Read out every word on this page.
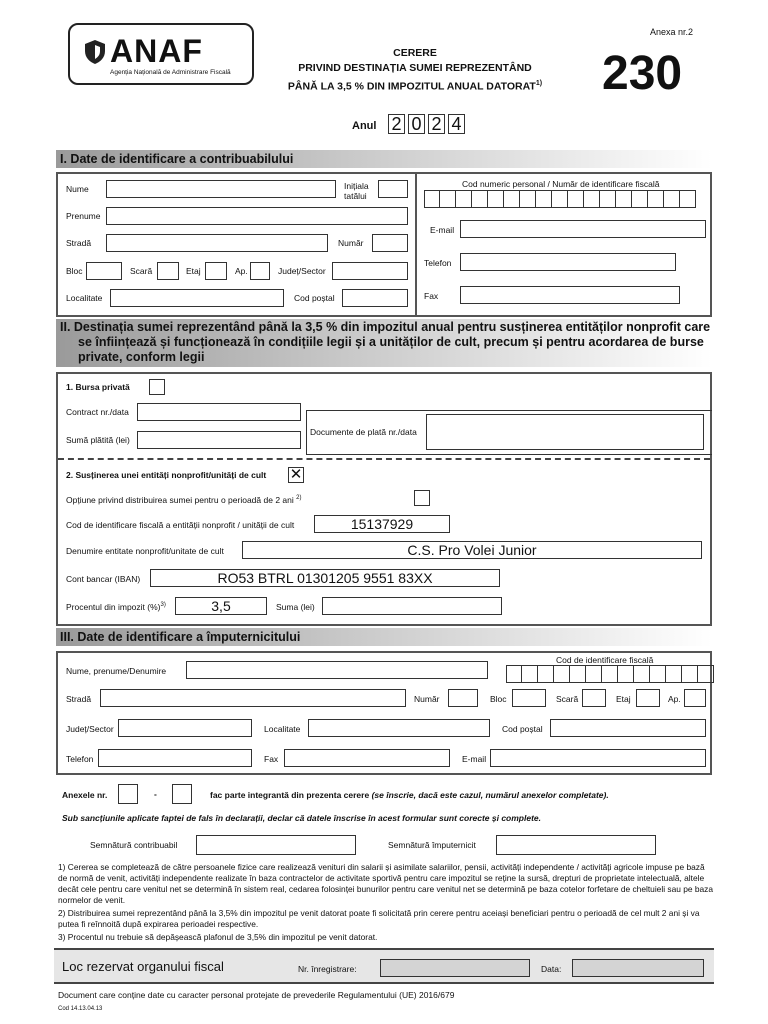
ANAF
Agenția Națională de Administrare Fiscală
Anexa nr.2
230
CERERE
PRIVIND DESTINAȚIA SUMEI REPREZENTÂND
PÂNĂ LA 3,5 % DIN IMPOZITUL ANUAL DATORAT$^{1)}$
Anul 2 0 2 4
I. Date de identificare a contribuabilului
Nume	Inițiala
tatălui
Prenume
Stradă	Număr
Bloc	Scară	Etaj	Ap.	Județ/Sector
Localitate	Cod poștal
Cod numeric personal / Număr de identificare fiscală
E-mail
Telefon
Fax
II. Destinația sumei reprezentând până la 3,5 % din impozitul anual pentru susținerea entităților nonprofit care
se înființează și funcționează în condițiile legii și a unităților de cult, precum și pentru acordarea de burse
private, conform legii
1. Bursa privată
Contract nr./data
Sumă plătită (lei)
Documente de plată nr./data
2. Susținerea unei entități nonprofit/unități de cult ✕
Opțiune privind distribuirea sumei pentru o perioadă de 2 ani $^{2)}$
Cod de identificare fiscală a entității nonprofit / unității de cult	15137929
Denumire entitate nonprofit/unitate de cult	C.S. Pro Volei Junior
Cont bancar (IBAN)	RO53 BTRL 01301205 9551 83XX
Procentul din impozit (%)$^{3)}$	3,5	Suma (lei)
III. Date de identificare a împuternicitului
Nume, prenume/Denumire
Cod de identificare fiscală
Stradă	Număr	Bloc	Scară	Etaj	Ap.
Județ/Sector	Localitate	Cod poștal
Telefon	Fax	E-mail
Anexele nr.	-	fac parte integrantă din prezenta cerere (se înscrie, dacă este cazul, numărul anexelor completate).
Sub sancțiunile aplicate faptei de fals în declarații, declar că datele înscrise în acest formular sunt corecte și complete.
Semnătură contribuabil	Semnătură împuternicit
1) Cererea se completează de către persoanele fizice care realizează venituri din salarii și asimilate salariilor, pensii, activități independente / activități agricole impuse pe bază de normă de venit, activități independente realizate în baza contractelor de activitate sportivă pentru care impozitul se reține la sursă, drepturi de proprietate intelectuală, altele decât cele pentru care venitul net se determină în sistem real, cedarea folosinței bunurilor pentru care venitul net se determină pe baza cotelor forfetare de cheltuieli sau pe baza normelor de venit.
2) Distribuirea sumei reprezentând până la 3,5% din impozitul pe venit datorat poate fi solicitată prin cerere pentru aceiași beneficiari pentru o perioadă de cel mult 2 ani și va putea fi reînnoită după expirarea perioadei respective.
3) Procentul nu trebuie să depășească plafonul de 3,5% din impozitul pe venit datorat.
Loc rezervat organului fiscal	Nr. înregistrare:	Data:
Document care conține date cu caracter personal protejate de prevederile Regulamentului (UE) 2016/679
Cod 14.13.04.13
